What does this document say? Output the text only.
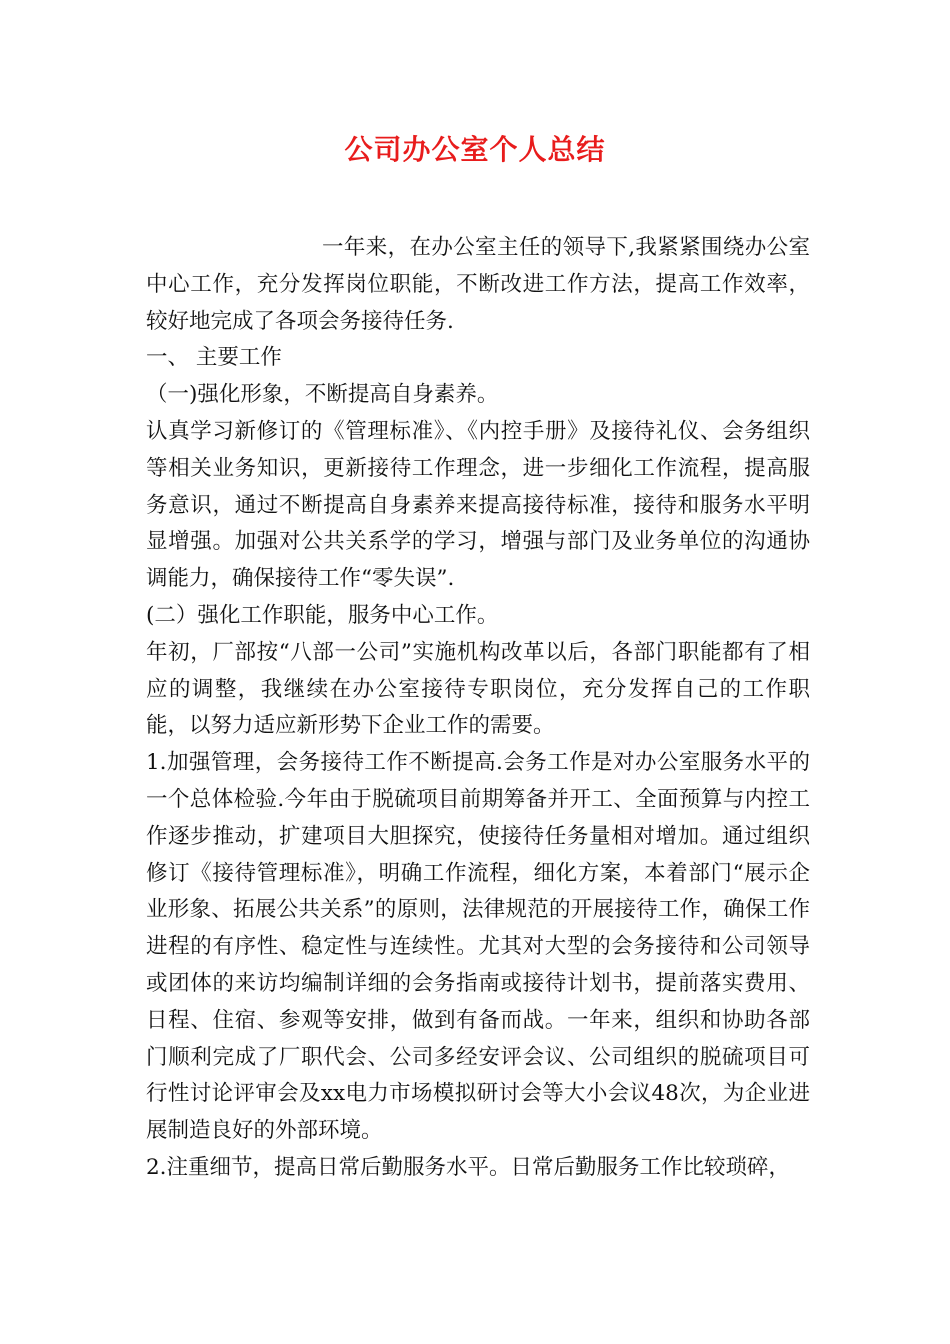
公司办公室个人总结

一年来，在办公室主任的领导下,我紧紧围绕办公室中心工作，充分发挥岗位职能，不断改进工作方法，提高工作效率，较好地完成了各项会务接待任务.

一、 主要工作

（一)强化形象，不断提高自身素养。

认真学习新修订的《管理标准》、《内控手册》及接待礼仪、会务组织等相关业务知识，更新接待工作理念，进一步细化工作流程，提高服务意识，通过不断提高自身素养来提高接待标准，接待和服务水平明显增强。加强对公共关系学的学习，增强与部门及业务单位的沟通协调能力，确保接待工作“零失误”.

(二）强化工作职能，服务中心工作。

年初，厂部按“八部一公司”实施机构改革以后，各部门职能都有了相应的调整，我继续在办公室接待专职岗位，充分发挥自己的工作职能，以努力适应新形势下企业工作的需要。

1.加强管理，会务接待工作不断提高.会务工作是对办公室服务水平的一个总体检验.今年由于脱硫项目前期筹备并开工、全面预算与内控工作逐步推动，扩建项目大胆探究，使接待任务量相对增加。通过组织修订《接待管理标准》，明确工作流程，细化方案，本着部门“展示企业形象、拓展公共关系”的原则，法律规范的开展接待工作，确保工作进程的有序性、稳定性与连续性。尤其对大型的会务接待和公司领导或团体的来访均编制详细的会务指南或接待计划书，提前落实费用、日程、住宿、参观等安排，做到有备而战。一年来，组织和协助各部门顺利完成了厂职代会、公司多经安评会议、公司组织的脱硫项目可行性讨论评审会及xx电力市场模拟研讨会等大小会议48次，为企业进展制造良好的外部环境。

2.注重细节，提高日常后勤服务水平。日常后勤服务工作比较琐碎，
